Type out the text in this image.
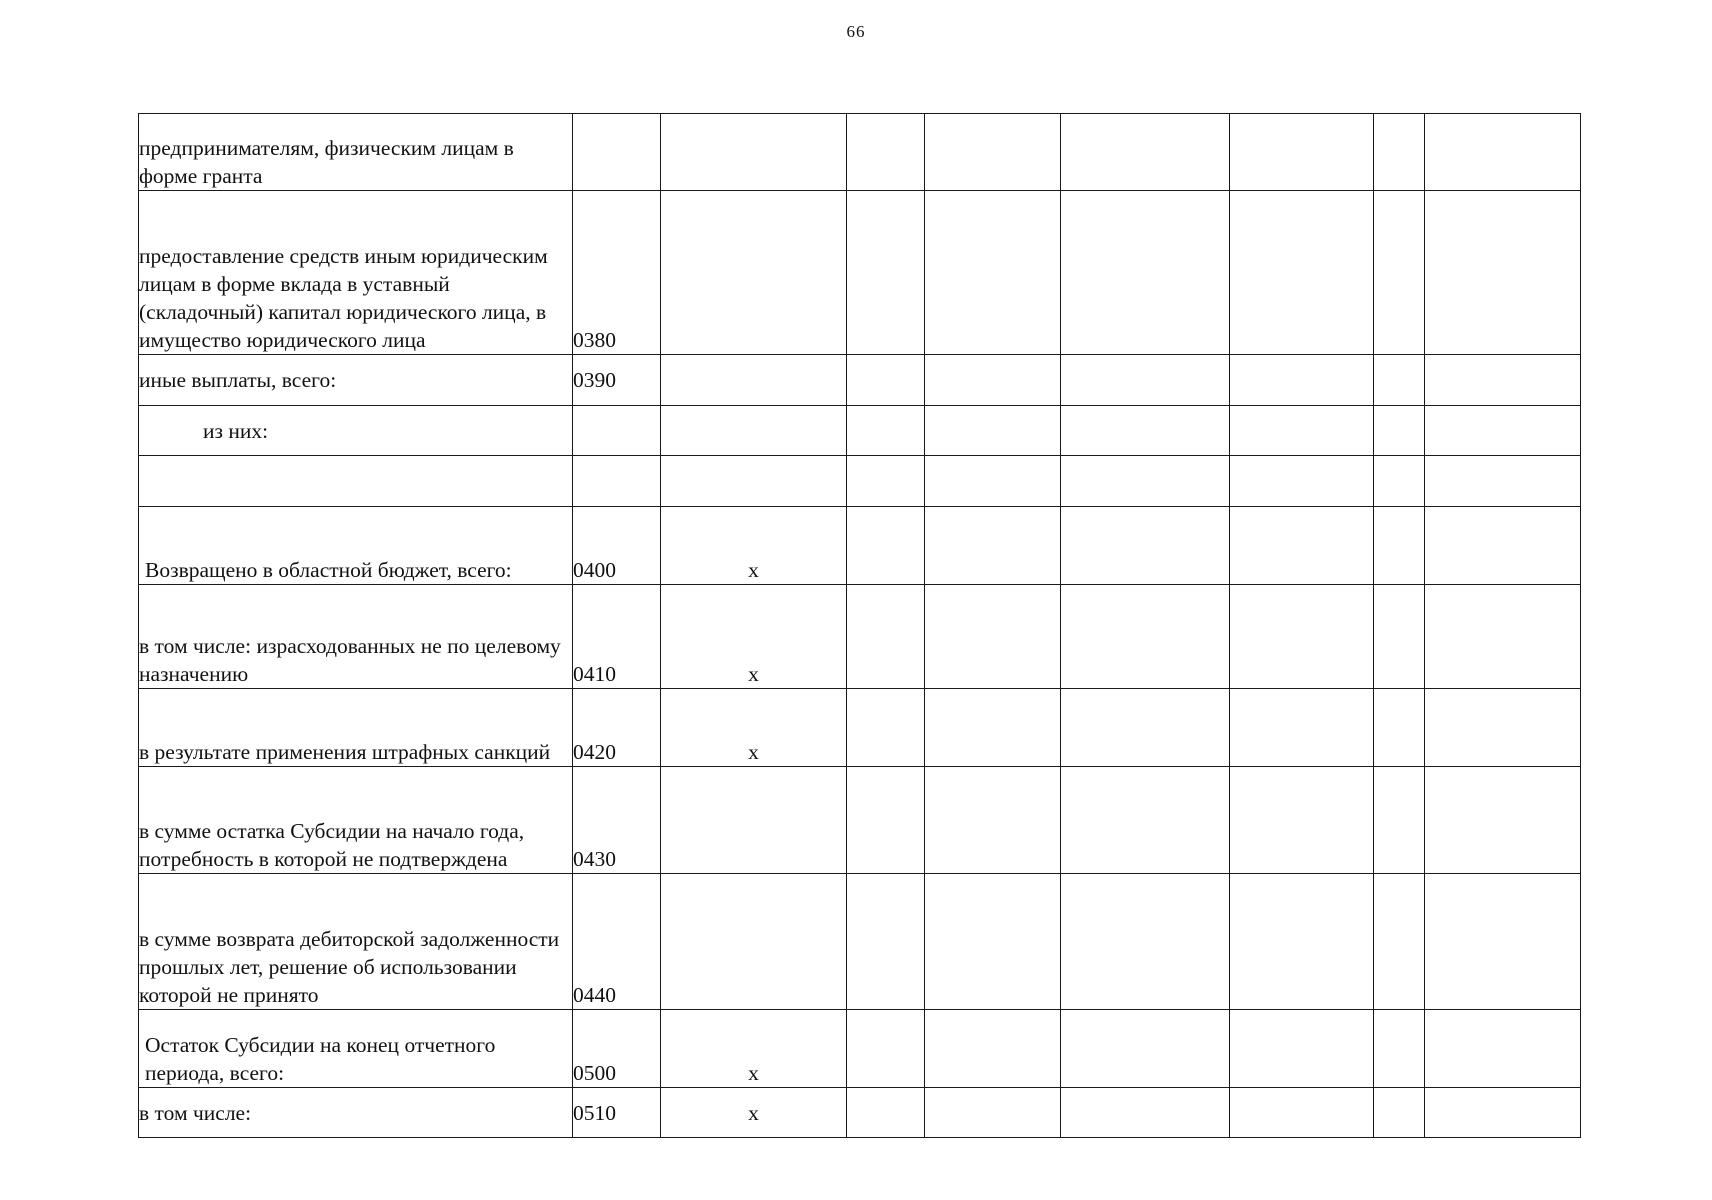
66
предпринимателям, физическим лицам в форме гранта								
предоставление средств иным юридическим лицам в форме вклада в уставный (складочный) капитал юридического лица, в имущество юридического лица	0380							
иные выплаты, всего:	0390							
из них:								

Возвращено в областной бюджет, всего:	0400	x						
в том числе: израсходованных не по целевому назначению	0410	x						
в результате применения штрафных санкций	0420	x						
в сумме остатка Субсидии на начало года, потребность в которой не подтверждена	0430							
в сумме возврата дебиторской задолженности прошлых лет, решение об использовании которой не принято	0440							
Остаток Субсидии на конец отчетного периода, всего:	0500	x						
в том числе:	0510	x						
